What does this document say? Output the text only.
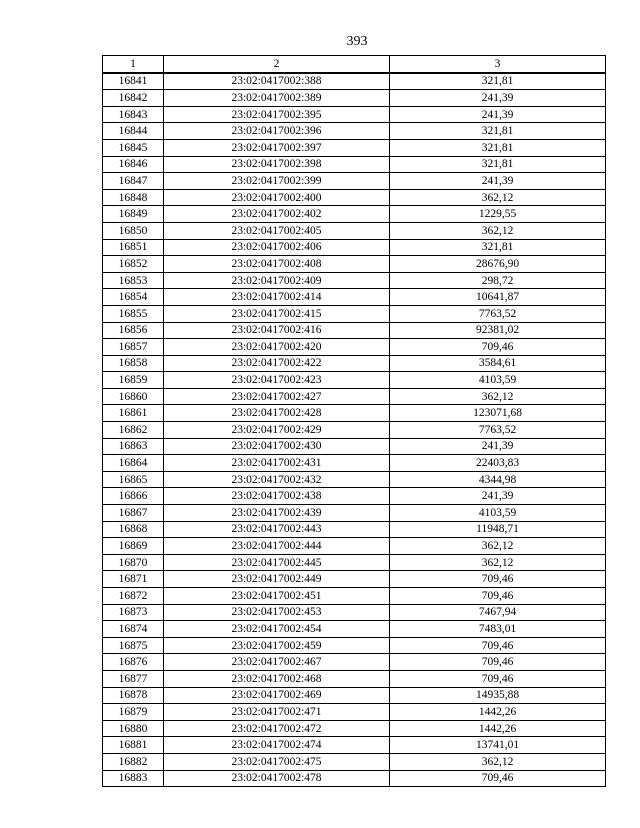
393
1	2	3
16841	23:02:0417002:388	321,81
16842	23:02:0417002:389	241,39
16843	23:02:0417002:395	241,39
16844	23:02:0417002:396	321,81
16845	23:02:0417002:397	321,81
16846	23:02:0417002:398	321,81
16847	23:02:0417002:399	241,39
16848	23:02:0417002:400	362,12
16849	23:02:0417002:402	1229,55
16850	23:02:0417002:405	362,12
16851	23:02:0417002:406	321,81
16852	23:02:0417002:408	28676,90
16853	23:02:0417002:409	298,72
16854	23:02:0417002:414	10641,87
16855	23:02:0417002:415	7763,52
16856	23:02:0417002:416	92381,02
16857	23:02:0417002:420	709,46
16858	23:02:0417002:422	3584,61
16859	23:02:0417002:423	4103,59
16860	23:02:0417002:427	362,12
16861	23:02:0417002:428	123071,68
16862	23:02:0417002:429	7763,52
16863	23:02:0417002:430	241,39
16864	23:02:0417002:431	22403,83
16865	23:02:0417002:432	4344,98
16866	23:02:0417002:438	241,39
16867	23:02:0417002:439	4103,59
16868	23:02:0417002:443	11948,71
16869	23:02:0417002:444	362,12
16870	23:02:0417002:445	362,12
16871	23:02:0417002:449	709,46
16872	23:02:0417002:451	709,46
16873	23:02:0417002:453	7467,94
16874	23:02:0417002:454	7483,01
16875	23:02:0417002:459	709,46
16876	23:02:0417002:467	709,46
16877	23:02:0417002:468	709,46
16878	23:02:0417002:469	14935,88
16879	23:02:0417002:471	1442,26
16880	23:02:0417002:472	1442,26
16881	23:02:0417002:474	13741,01
16882	23:02:0417002:475	362,12
16883	23:02:0417002:478	709,46
